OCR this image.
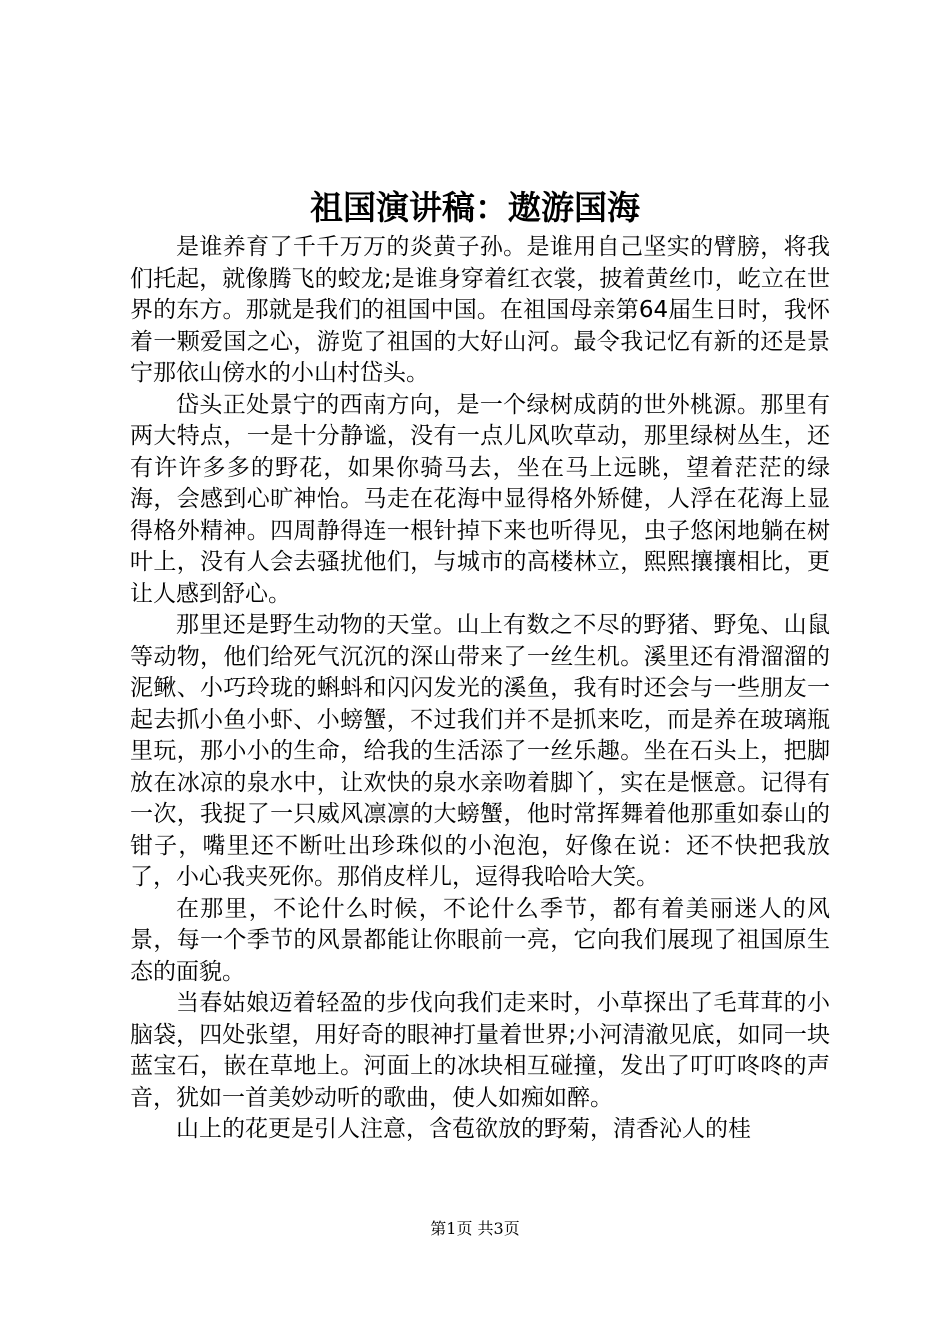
祖国演讲稿：遨游国海

是谁养育了千千万万的炎黄子孙。是谁用自己坚实的臂膀，将我们托起，就像腾飞的蛟龙;是谁身穿着红衣裳，披着黄丝巾，屹立在世界的东方。那就是我们的祖国中国。在祖国母亲第64届生日时，我怀着一颗爱国之心，游览了祖国的大好山河。最令我记忆有新的还是景宁那依山傍水的小山村岱头。

岱头正处景宁的西南方向，是一个绿树成荫的世外桃源。那里有两大特点，一是十分静谧，没有一点儿风吹草动，那里绿树丛生，还有许许多多的野花，如果你骑马去，坐在马上远眺，望着茫茫的绿海，会感到心旷神怡。马走在花海中显得格外矫健，人浮在花海上显得格外精神。四周静得连一根针掉下来也听得见，虫子悠闲地躺在树叶上，没有人会去骚扰他们，与城市的高楼林立，熙熙攘攘相比，更让人感到舒心。

那里还是野生动物的天堂。山上有数之不尽的野猪、野兔、山鼠等动物，他们给死气沉沉的深山带来了一丝生机。溪里还有滑溜溜的泥鳅、小巧玲珑的蝌蚪和闪闪发光的溪鱼，我有时还会与一些朋友一起去抓小鱼小虾、小螃蟹，不过我们并不是抓来吃，而是养在玻璃瓶里玩，那小小的生命，给我的生活添了一丝乐趣。坐在石头上，把脚放在冰凉的泉水中，让欢快的泉水亲吻着脚丫，实在是惬意。记得有一次，我捉了一只威风凛凛的大螃蟹，他时常挥舞着他那重如泰山的钳子，嘴里还不断吐出珍珠似的小泡泡，好像在说：还不快把我放了，小心我夹死你。那俏皮样儿，逗得我哈哈大笑。

在那里，不论什么时候，不论什么季节，都有着美丽迷人的风景，每一个季节的风景都能让你眼前一亮，它向我们展现了祖国原生态的面貌。

当春姑娘迈着轻盈的步伐向我们走来时，小草探出了毛茸茸的小脑袋，四处张望，用好奇的眼神打量着世界;小河清澈见底，如同一块蓝宝石，嵌在草地上。河面上的冰块相互碰撞，发出了叮叮咚咚的声音，犹如一首美妙动听的歌曲，使人如痴如醉。

山上的花更是引人注意，含苞欲放的野菊，清香沁人的桂

第1页 共3页
